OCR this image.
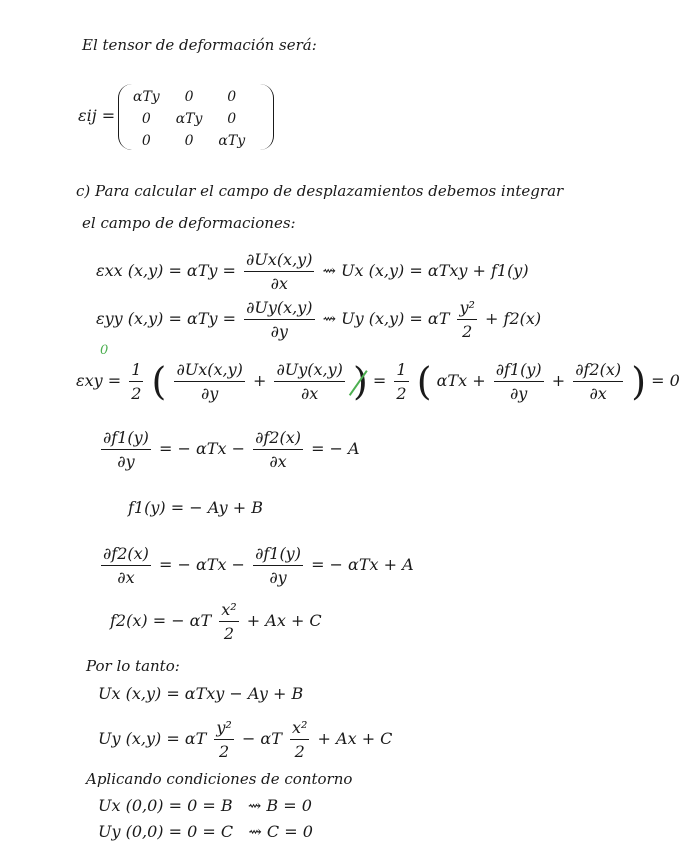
El tensor de deformación será:
εij =
αTy	0	0
0	αTy	0
0	0	αTy
c) Para calcular el campo de desplazamientos debemos integrar
el campo de deformaciones:
εxx $(x,y) = \alpha Ty = \frac{\partial Ux(x,y)}{\partial x}$ ⇝ Ux (x,y) = αTxy + f1(y)
εyy $(x,y) = \alpha Ty = \frac{\partial Uy(x,y)}{\partial y}$ ⇝ Uy (x,y) = αT $\frac{\text{y²}}{2} + f2(x)$
0
$\varepsilon xy = \frac{1}{2}$ ( $\frac{\partial Ux(x,y)}{\partial y} + \frac{\partial Uy(x,y)}{\partial x}$ ) = $\frac{1}{2}$ ( $\alpha Tx + \frac{\partial f1(y)}{\partial y} + \frac{\partial f2(x)}{\partial x}$ ) = 0
$\frac{\partial f1(y)}{\partial y}$ = − $\alpha Tx - \frac{\partial f2(x)}{\partial x}$ = − A
f1(y) = − Ay + B
$\frac{\partial f2(x)}{\partial x}$ = − $\alpha Tx - \frac{\partial f1(y)}{\partial y}$ = − αTx + A
f2(x) = − αT $\frac{\text{x²}}{2} + Ax + C$
Por lo tanto:
Ux (x,y) = αTxy − Ay + B
Uy (x,y) = αT $\frac{\text{y²}}{2} - \alpha T \frac{\text{x²}}{2} + Ax + C$
Aplicando condiciones de contorno
Ux (0,0) = 0 = B   ⇝ B = 0
Uy (0,0) = 0 = C   ⇝ C = 0
